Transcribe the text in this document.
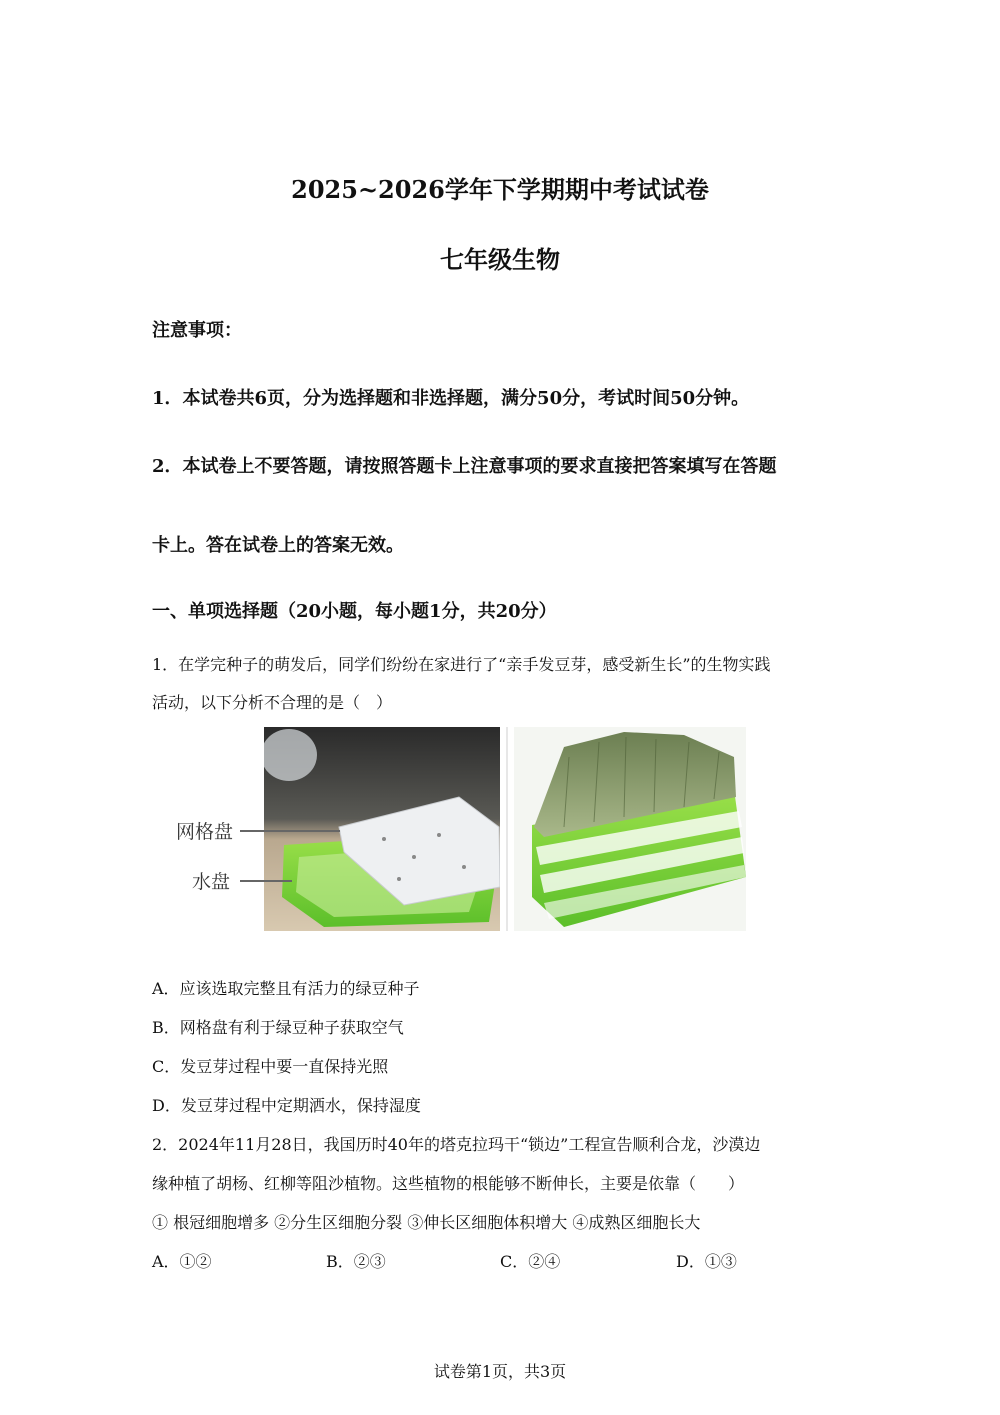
2025~2026学年下学期期中考试试卷
七年级生物
注意事项：
1．本试卷共6页，分为选择题和非选择题，满分50分，考试时间50分钟。
2．本试卷上不要答题，请按照答题卡上注意事项的要求直接把答案填写在答题
卡上。答在试卷上的答案无效。
一、单项选择题（20小题，每小题1分，共20分）
1．在学完种子的萌发后，同学们纷纷在家进行了“亲手发豆芽，感受新生长”的生物实践
活动，以下分析不合理的是（　）
网格盘
水盘
A．应该选取完整且有活力的绿豆种子
B．网格盘有利于绿豆种子获取空气
C．发豆芽过程中要一直保持光照
D．发豆芽过程中定期洒水，保持湿度
2．2024年11月28日，我国历时40年的塔克拉玛干“锁边”工程宣告顺利合龙，沙漠边
缘种植了胡杨、红柳等阻沙植物。这些植物的根能够不断伸长，主要是依靠（　　）
① 根冠细胞增多 ②分生区细胞分裂 ③伸长区细胞体积增大 ④成熟区细胞长大
A．①②	B．②③	C．②④	D．①③
试卷第1页，共3页
